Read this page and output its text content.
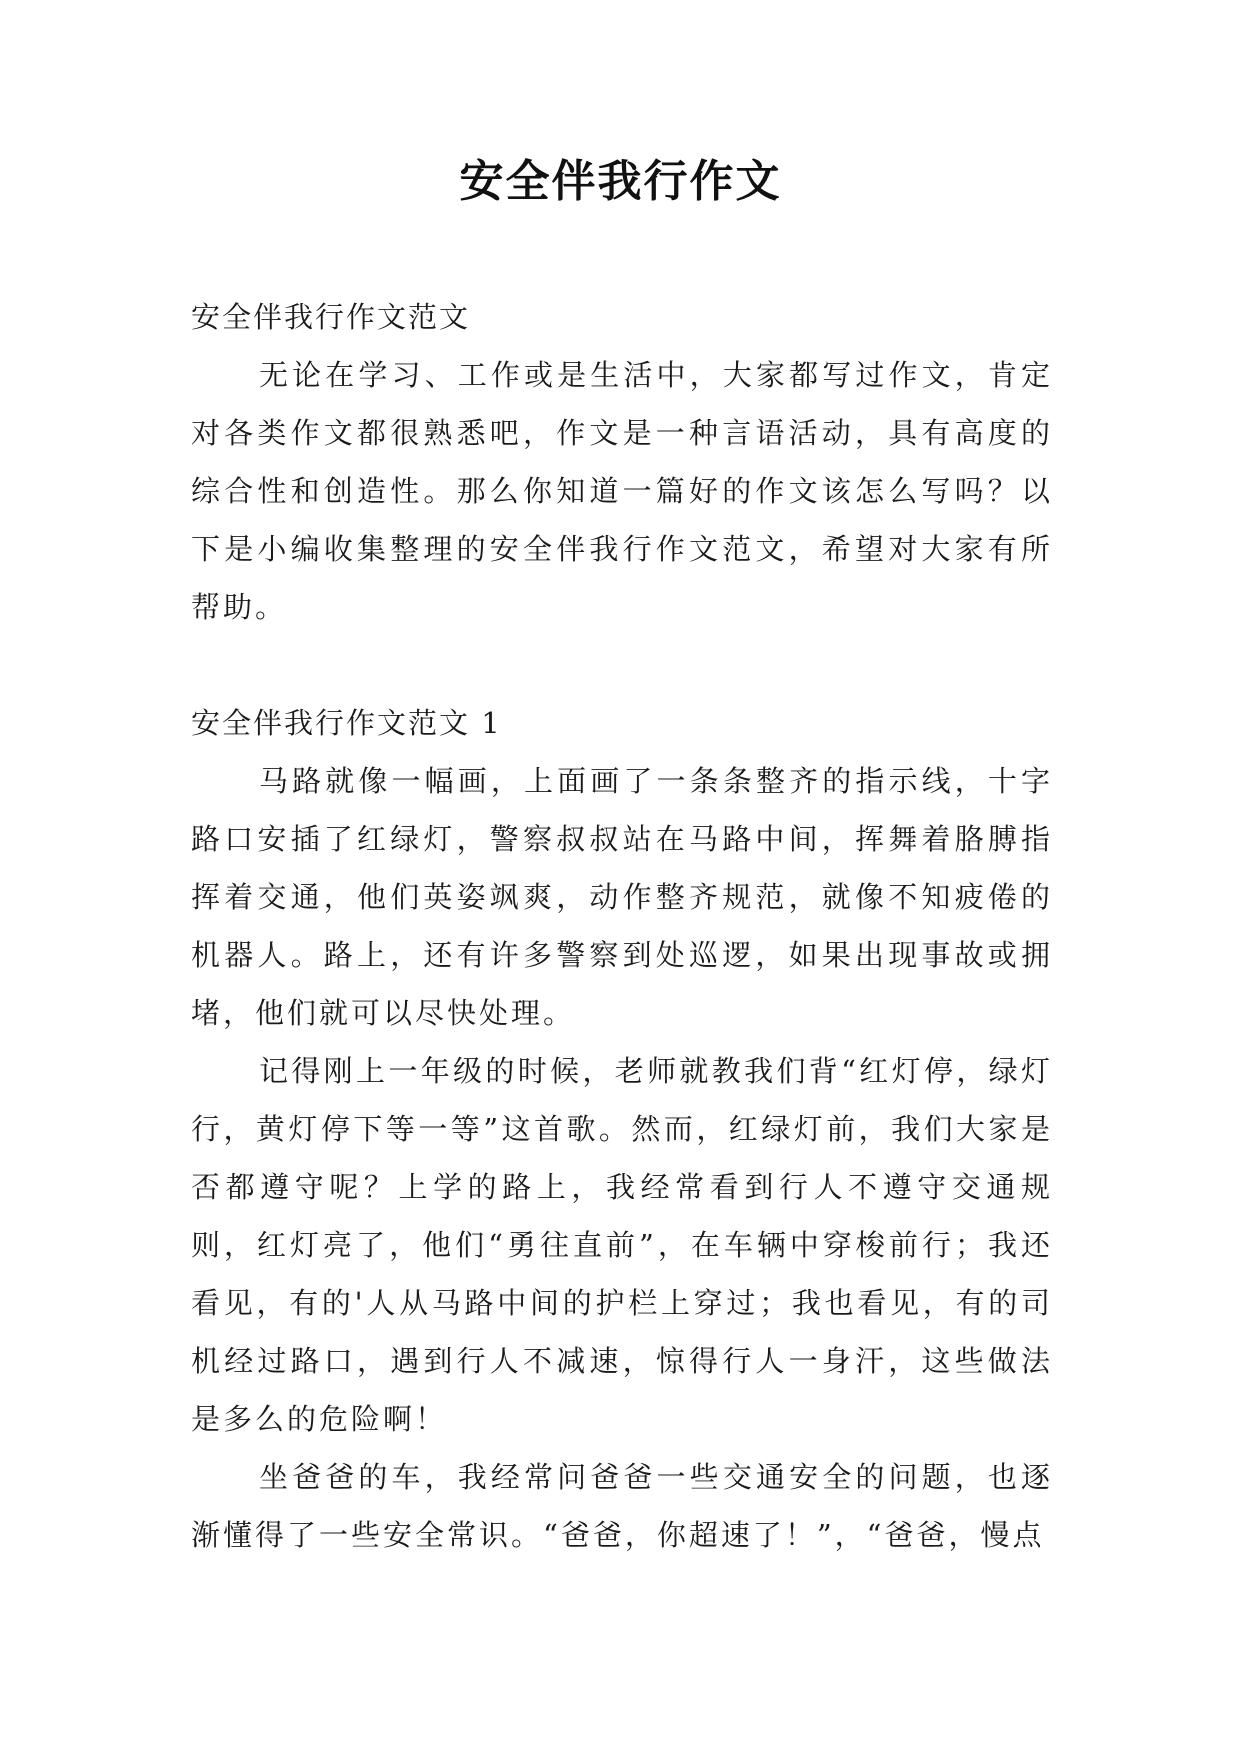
安全伴我行作文

安全伴我行作文范文

无论在学习、工作或是生活中，大家都写过作文，肯定对各类作文都很熟悉吧，作文是一种言语活动，具有高度的综合性和创造性。那么你知道一篇好的作文该怎么写吗？以下是小编收集整理的安全伴我行作文范文，希望对大家有所帮助。

安全伴我行作文范文 1

马路就像一幅画，上面画了一条条整齐的指示线，十字路口安插了红绿灯，警察叔叔站在马路中间，挥舞着胳膊指挥着交通，他们英姿飒爽，动作整齐规范，就像不知疲倦的机器人。路上，还有许多警察到处巡逻，如果出现事故或拥堵，他们就可以尽快处理。

记得刚上一年级的时候，老师就教我们背“红灯停，绿灯行，黄灯停下等一等”这首歌。然而，红绿灯前，我们大家是否都遵守呢？上学的路上，我经常看到行人不遵守交通规则，红灯亮了，他们“勇往直前”，在车辆中穿梭前行；我还看见，有的'人从马路中间的护栏上穿过；我也看见，有的司机经过路口，遇到行人不减速，惊得行人一身汗，这些做法是多么的危险啊！

坐爸爸的车，我经常问爸爸一些交通安全的问题，也逐渐懂得了一些安全常识。“爸爸，你超速了！”，“爸爸，慢点
